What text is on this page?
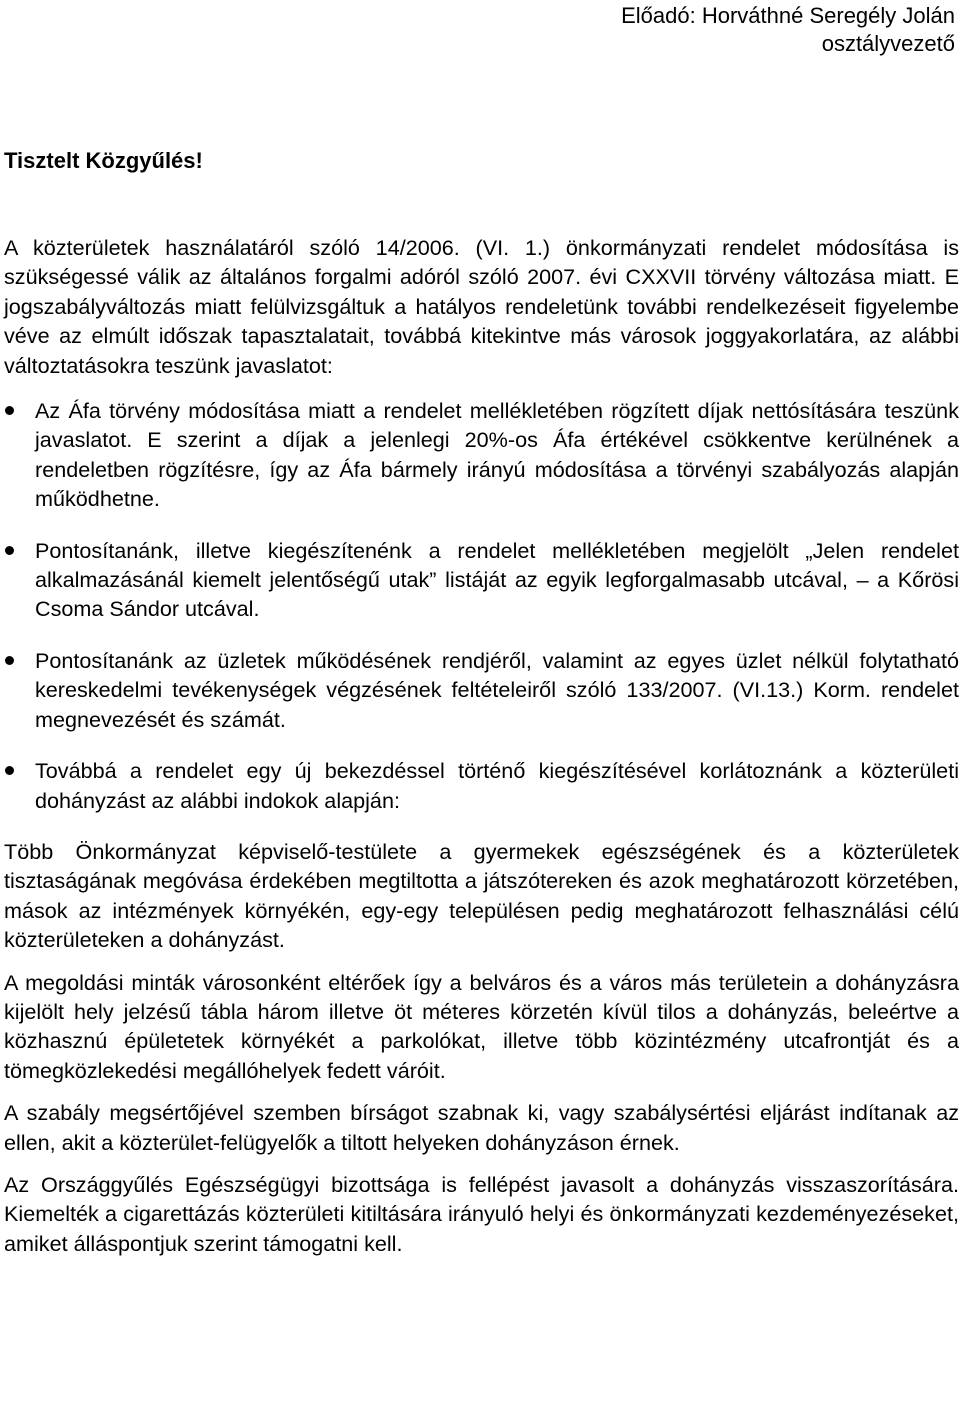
Előadó: Horváthné Seregély Jolán
osztályvezető
Tisztelt Közgyűlés!

A közterületek használatáról szóló 14/2006. (VI. 1.) önkormányzati rendelet módosítása is szükségessé válik az általános forgalmi adóról szóló 2007. évi CXXVII törvény változása miatt. E jogszabályváltozás miatt felülvizsgáltuk a hatályos rendeletünk további rendelkezéseit figyelembe véve az elmúlt időszak tapasztalatait, továbbá kitekintve más városok joggyakorlatára, az alábbi változtatásokra teszünk javaslatot:

Az Áfa törvény módosítása miatt a rendelet mellékletében rögzített díjak nettósítására teszünk javaslatot. E szerint a díjak a jelenlegi 20%-os Áfa értékével csökkentve kerülnének a rendeletben rögzítésre, így az Áfa bármely irányú módosítása a törvényi szabályozás alapján működhetne.
Pontosítanánk, illetve kiegészítenénk a rendelet mellékletében megjelölt „Jelen rendelet alkalmazásánál kiemelt jelentőségű utak” listáját az egyik legforgalmasabb utcával, – a Kőrösi Csoma Sándor utcával.
Pontosítanánk az üzletek működésének rendjéről, valamint az egyes üzlet nélkül folytatható kereskedelmi tevékenységek végzésének feltételeiről szóló 133/2007. (VI.13.) Korm. rendelet megnevezését és számát.
Továbbá a rendelet egy új bekezdéssel történő kiegészítésével korlátoznánk a közterületi dohányzást az alábbi indokok alapján:

Több Önkormányzat képviselő-testülete a gyermekek egészségének és a közterületek tisztaságának megóvása érdekében megtiltotta a játszótereken és azok meghatározott körzetében, mások az intézmények környékén, egy-egy településen pedig meghatározott felhasználási célú közterületeken a dohányzást.

A megoldási minták városonként eltérőek így a belváros és a város más területein a dohányzásra kijelölt hely jelzésű tábla három illetve öt méteres körzetén kívül tilos a dohányzás, beleértve a közhasznú épületetek környékét a parkolókat, illetve több közintézmény utcafrontját és a tömegközlekedési megállóhelyek fedett váróit.

A szabály megsértőjével szemben bírságot szabnak ki, vagy szabálysértési eljárást indítanak az ellen, akit a közterület-felügyelők a tiltott helyeken dohányzáson érnek.

Az Országgyűlés Egészségügyi bizottsága is fellépést javasolt a dohányzás visszaszorítására. Kiemelték a cigarettázás közterületi kitiltására irányuló helyi és önkormányzati kezdeményezéseket, amiket álláspontjuk szerint támogatni kell.
